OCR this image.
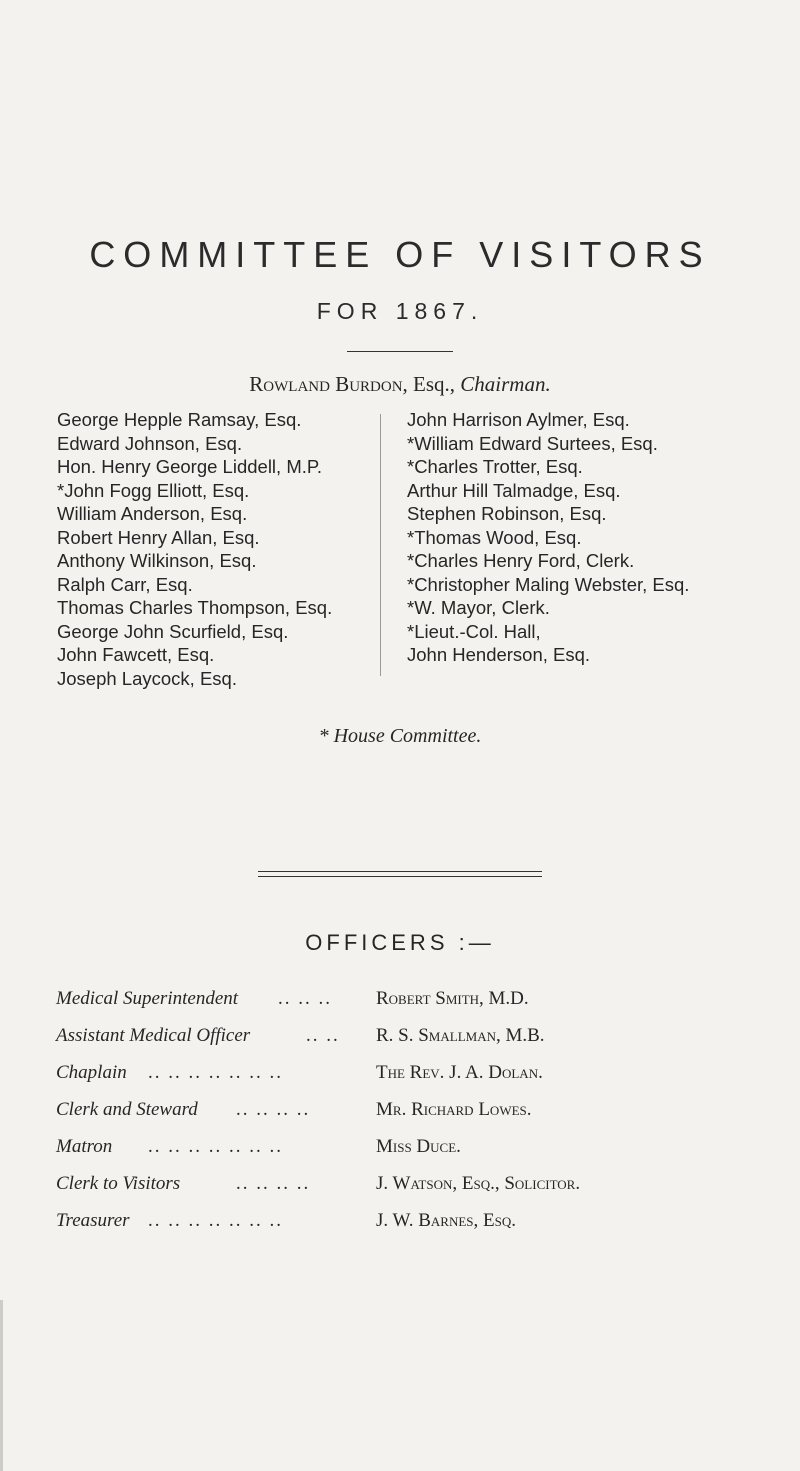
COMMITTEE OF VISITORS
FOR 1867.
Rowland Burdon, Esq., Chairman.
George Hepple Ramsay, Esq.
Edward Johnson, Esq.
Hon. Henry George Liddell, M.P.
*John Fogg Elliott, Esq.
William Anderson, Esq.
Robert Henry Allan, Esq.
Anthony Wilkinson, Esq.
Ralph Carr, Esq.
Thomas Charles Thompson, Esq.
George John Scurfield, Esq.
John Fawcett, Esq.
Joseph Laycock, Esq.
John Harrison Aylmer, Esq.
*William Edward Surtees, Esq.
*Charles Trotter, Esq.
Arthur Hill Talmadge, Esq.
Stephen Robinson, Esq.
*Thomas Wood, Esq.
*Charles Henry Ford, Clerk.
*Christopher Maling Webster, Esq.
*W. Mayor, Clerk.
*Lieut.-Col. Hall,
John Henderson, Esq.
* House Committee.
OFFICERS :—
Medical Superintendent .. .. .. Robert Smith, M.D.
Assistant Medical Officer	.. .. R. S. Smallman, M.B.
Chaplain .. .. .. .. .. .. ..	The Rev. J. A. Dolan.
Clerk and Steward .. .. .. ..	Mr. Richard Lowes.
Matron .. .. .. .. .. .. ..	Miss Duce.
Clerk to Visitors	.. .. .. ..	J. Watson, Esq., Solicitor.
Treasurer .. .. .. .. .. .. ..	J. W. Barnes, Esq.
